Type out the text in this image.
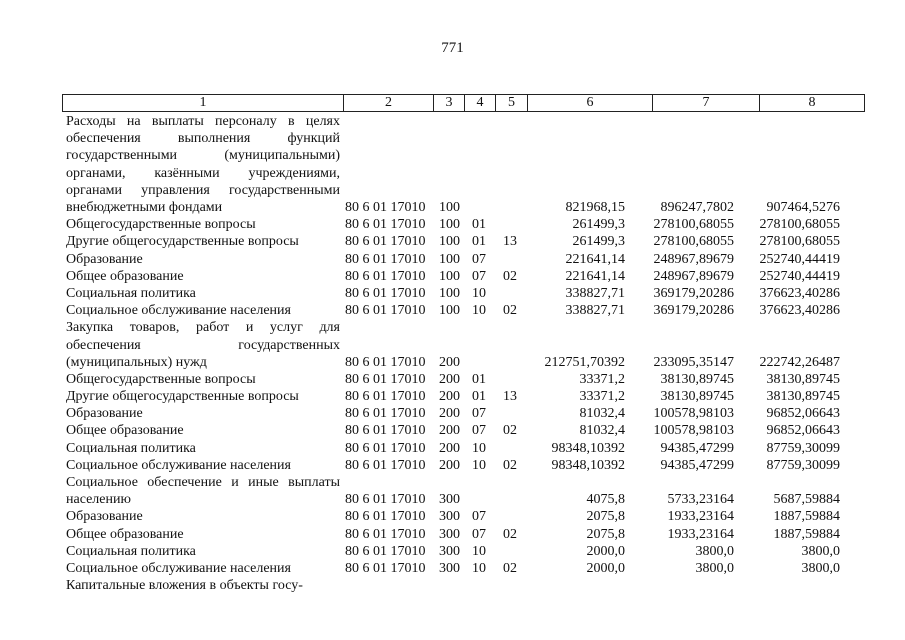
771
1	2	3	4	5	6	7	8
Расходы на выплаты персоналу в целях обеспечения выполнения функций государственными (муниципальными) органами, казёнными учреждениями, органами управления государственными внебюджетными фондами	80 6 01 17010 100	821968,15	896247,7802 907464,5276
Общегосударственные вопросы	80 6 01 17010 100 01	261499,3 278100,68055 278100,68055
Другие общегосударственные вопросы	80 6 01 17010 100 01 13	261499,3 278100,68055 278100,68055
Образование	80 6 01 17010 100 07	221641,14 248967,89679 252740,44419
Общее образование	80 6 01 17010 100 07 02	221641,14 248967,89679 252740,44419
Социальная политика	80 6 01 17010 100 10	338827,71 369179,20286 376623,40286
Социальное обслуживание населения	80 6 01 17010 100 10 02	338827,71 369179,20286 376623,40286
Закупка товаров, работ и услуг для обеспечения государственных (муниципальных) нужд	80 6 01 17010 200	212751,70392 233095,35147 222742,26487
Общегосударственные вопросы	80 6 01 17010 200 01	33371,2	38130,89745 38130,89745
Другие общегосударственные вопросы	80 6 01 17010 200 01 13	33371,2	38130,89745 38130,89745
Образование	80 6 01 17010 200 07	81032,4 100578,98103 96852,06643
Общее образование	80 6 01 17010 200 07 02	81032,4 100578,98103 96852,06643
Социальная политика	80 6 01 17010 200 10	98348,10392	94385,47299 87759,30099
Социальное обслуживание населения	80 6 01 17010 200 10 02 98348,10392	94385,47299 87759,30099
Социальное обеспечение и иные выплаты населению	80 6 01 17010 300	4075,8	5733,23164	5687,59884
Образование	80 6 01 17010 300 07	2075,8	1933,23164	1887,59884
Общее образование	80 6 01 17010 300 07 02	2075,8	1933,23164	1887,59884
Социальная политика	80 6 01 17010 300 10	2000,0	3800,0	3800,0
Социальное обслуживание населения	80 6 01 17010 300 10 02	2000,0	3800,0	3800,0
Капитальные вложения в объекты госу-
